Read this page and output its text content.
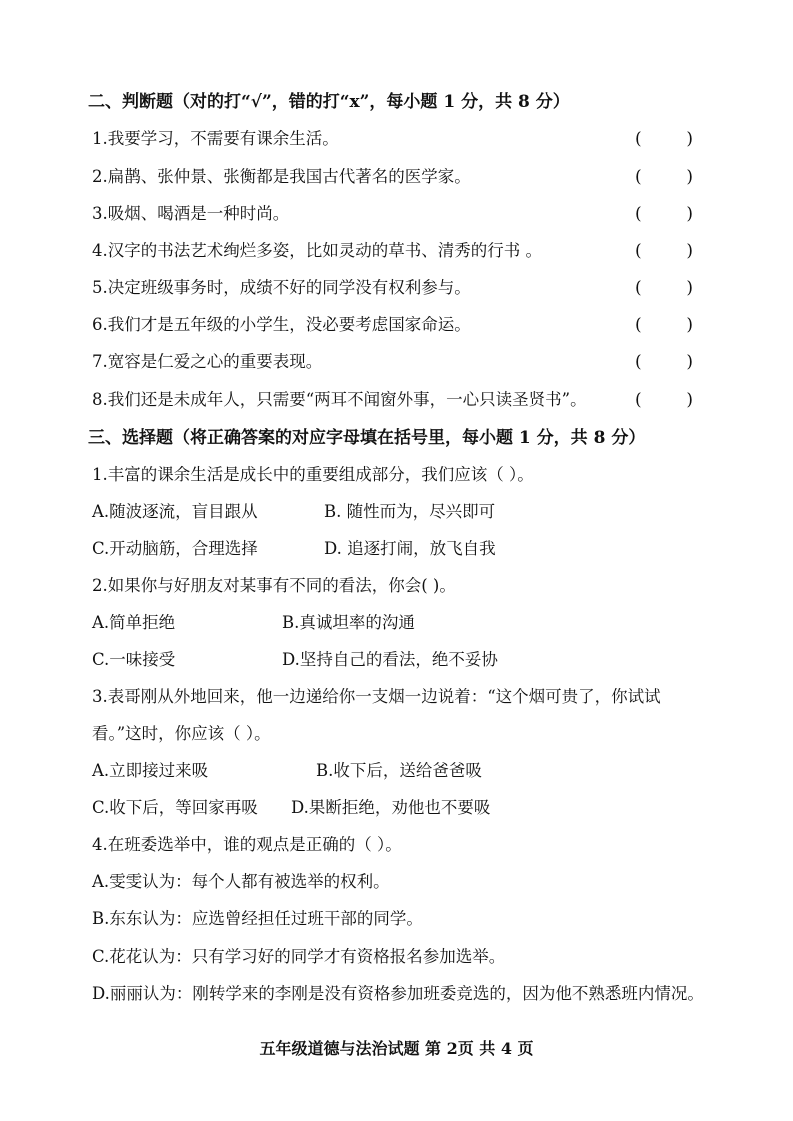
二、判断题（对的打“√”，错的打“x”，每小题 1 分，共 8 分）
1.我要学习，不需要有课余生活。	(	)
2.扁鹊、张仲景、张衡都是我国古代著名的医学家。	(	)
3.吸烟、喝酒是一种时尚。	(	)
4.汉字的书法艺术绚烂多姿，比如灵动的草书、清秀的行书 。	(	)
5.决定班级事务时，成绩不好的同学没有权利参与。	(	)
6.我们才是五年级的小学生，没必要考虑国家命运。	(	)
7.宽容是仁爱之心的重要表现。	(	)
8.我们还是未成年人，只需要“两耳不闻窗外事，一心只读圣贤书”。	(	)
三、选择题（将正确答案的对应字母填在括号里，每小题 1 分，共 8 分）
1.丰富的课余生活是成长中的重要组成部分，我们应该（ ）。
A.随波逐流，盲目跟从	B. 随性而为，尽兴即可
C.开动脑筋，合理选择	D. 追逐打闹，放飞自我
2.如果你与好朋友对某事有不同的看法，你会( )。
A.简单拒绝	B.真诚坦率的沟通
C.一味接受	D.坚持自己的看法，绝不妥协
3.表哥刚从外地回来，他一边递给你一支烟一边说着：“这个烟可贵了，你试试
看。”这时，你应该（ ）。
A.立即接过来吸	B.收下后，送给爸爸吸
C.收下后，等回家再吸 D.果断拒绝，劝他也不要吸
4.在班委选举中，谁的观点是正确的（ ）。
A.雯雯认为：每个人都有被选举的权利。
B.东东认为：应选曾经担任过班干部的同学。
C.花花认为：只有学习好的同学才有资格报名参加选举。
D.丽丽认为：刚转学来的李刚是没有资格参加班委竞选的，因为他不熟悉班内情况。
五年级道德与法治试题 第 2页 共 4 页
